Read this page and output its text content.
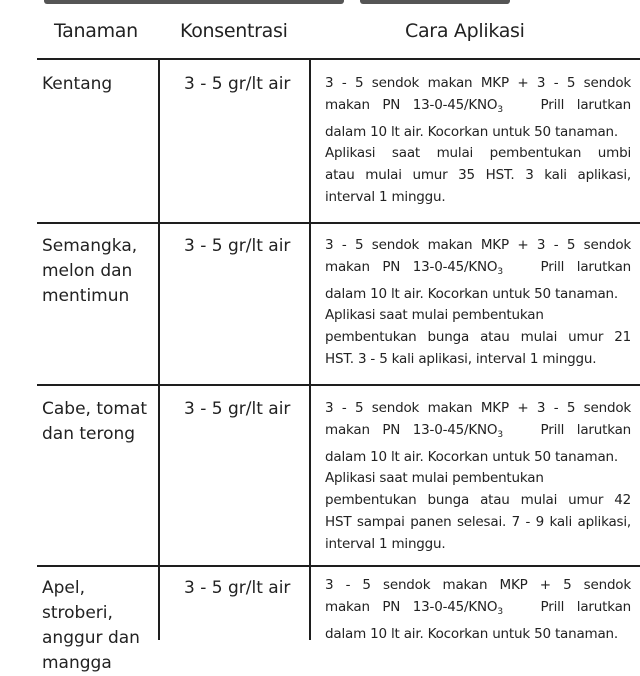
Tanaman Konsentrasi	Cara Aplikasi
Kentang	3 - 5 gr/lt air	3 - 5 sendok makan MKP + 3 - 5 sendok
makan PN $13-0-45/KNO_3$	Prill larutkan
dalam 10 lt air. Kocorkan untuk 50 tanaman.
Aplikasi saat mulai pembentukan umbi
atau mulai umur 35 HST. 3 kali aplikasi,
interval 1 minggu.
Semangka,
melon dan
mentimun
3 - 5 gr/lt air	3 - 5 sendok makan MKP + 3 - 5 sendok
makan PN $13-0-45/KNO_3$	Prill larutkan
dalam 10 lt air. Kocorkan untuk 50 tanaman.
Aplikasi saat mulai pembentukan
pembentukan bunga atau mulai umur 21
HST. 3 - 5 kali aplikasi, interval 1 minggu.
Cabe, tomat
dan terong
3 - 5 gr/lt air	3 - 5 sendok makan MKP + 3 - 5 sendok
makan PN $13-0-45/KNO_3$	Prill larutkan
dalam 10 lt air. Kocorkan untuk 50 tanaman.
Aplikasi saat mulai pembentukan
pembentukan bunga atau mulai umur 42
HST sampai panen selesai. 7 - 9 kali aplikasi,
interval 1 minggu.
Apel, stroberi,
anggur dan
mangga
3 - 5 gr/lt air	3 - 5 sendok makan MKP + 5 sendok
makan PN $13-0-45/KNO_3$	Prill larutkan
dalam 10 lt air. Kocorkan untuk 50 tanaman.
